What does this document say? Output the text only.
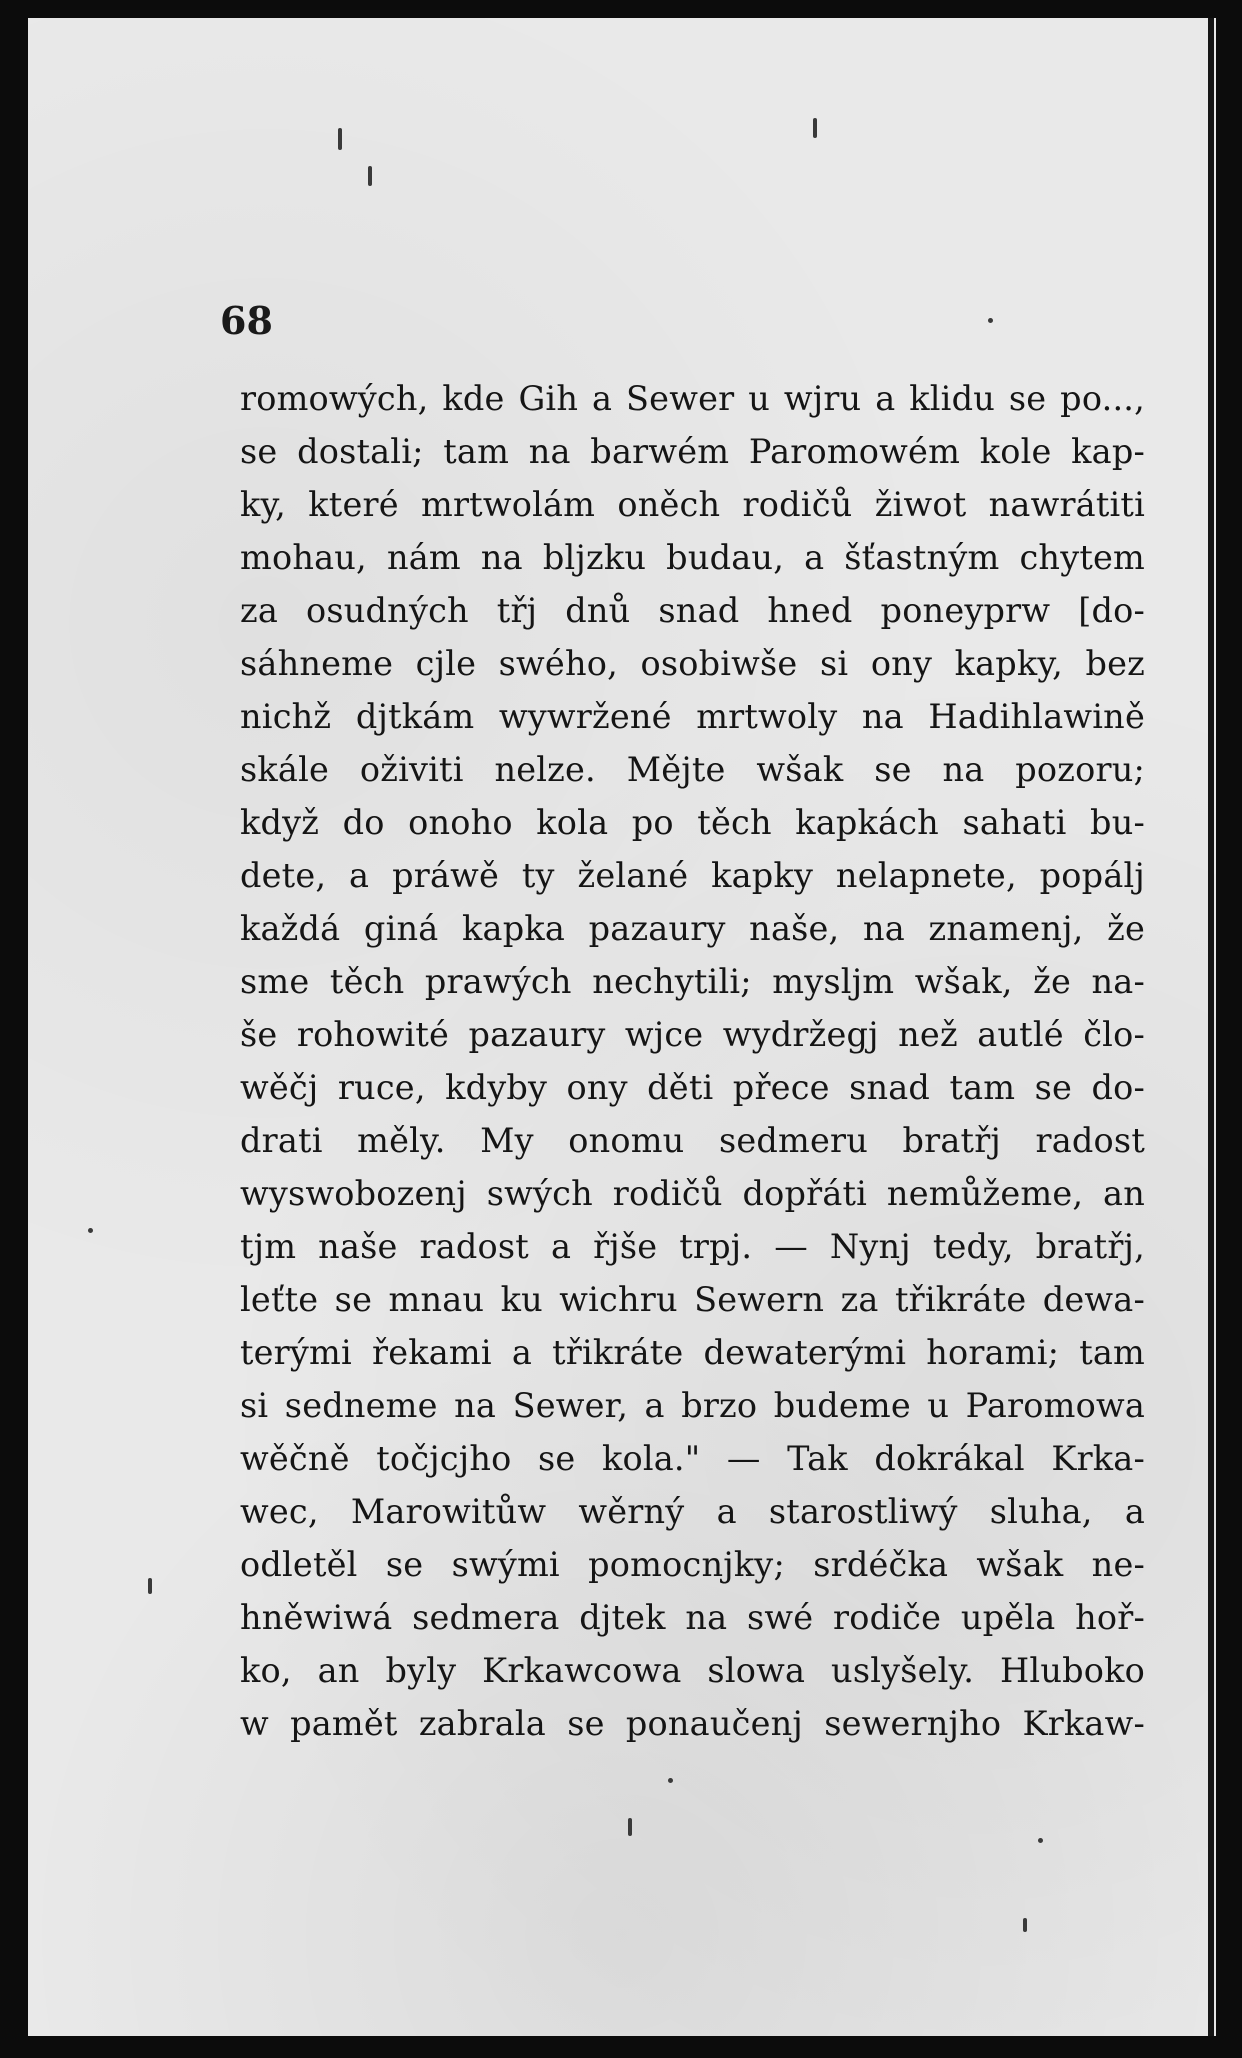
68

romowých, kde Gih a Sewer u wjru a klidu se po...,
se dostali; tam na barwém Paromowém kole kap-
ky, které mrtwolám oněch rodičů žiwot nawrátiti
mohau, nám na bljzku budau, a šťastným chytem
za osudných třj dnů snad hned poneyprw [do-
sáhneme cjle swého, osobiwše si ony kapky, bez
nichž djtkám wywržené mrtwoly na Hadihlawině
skále oživiti nelze. Mějte wšak se na pozoru;
když do onoho kola po těch kapkách sahati bu-
dete, a práwě ty želané kapky nelapnete, popálj
každá giná kapka pazaury naše, na znamenj, že
sme těch prawých nechytili; myslјm wšak, že na-
še rohowité pazaury wjce wydržegj než autlé člo-
wěčj ruce, kdyby ony děti přece snad tam se do-
drati měly. My onomu sedmeru bratřj radost
wyswobozenj swých rodičů dopřáti nemůžeme, an
tjm naše radost a řjše trpj. — Nynj tedy, bratřj,
leťte se mnau ku wichru Sewern za třikráte dewa-
terými řekami a třikráte dewaterými horami; tam
si sedneme na Sewer, a brzo budeme u Paromowa
wěčně točjcjho se kola." — Tak dokrákal Krka-
wec, Marowitůw wěrný a starostliwý sluha, a
odletěl se swými pomocnjky; srdéčka wšak ne-
hněwiwá sedmera djtek na swé rodiče upěla hoř-
ko, an byly Krkawcowa slowa uslyšely. Hluboko
w pamět zabrala se ponaučenj sewernjho Krkaw-
